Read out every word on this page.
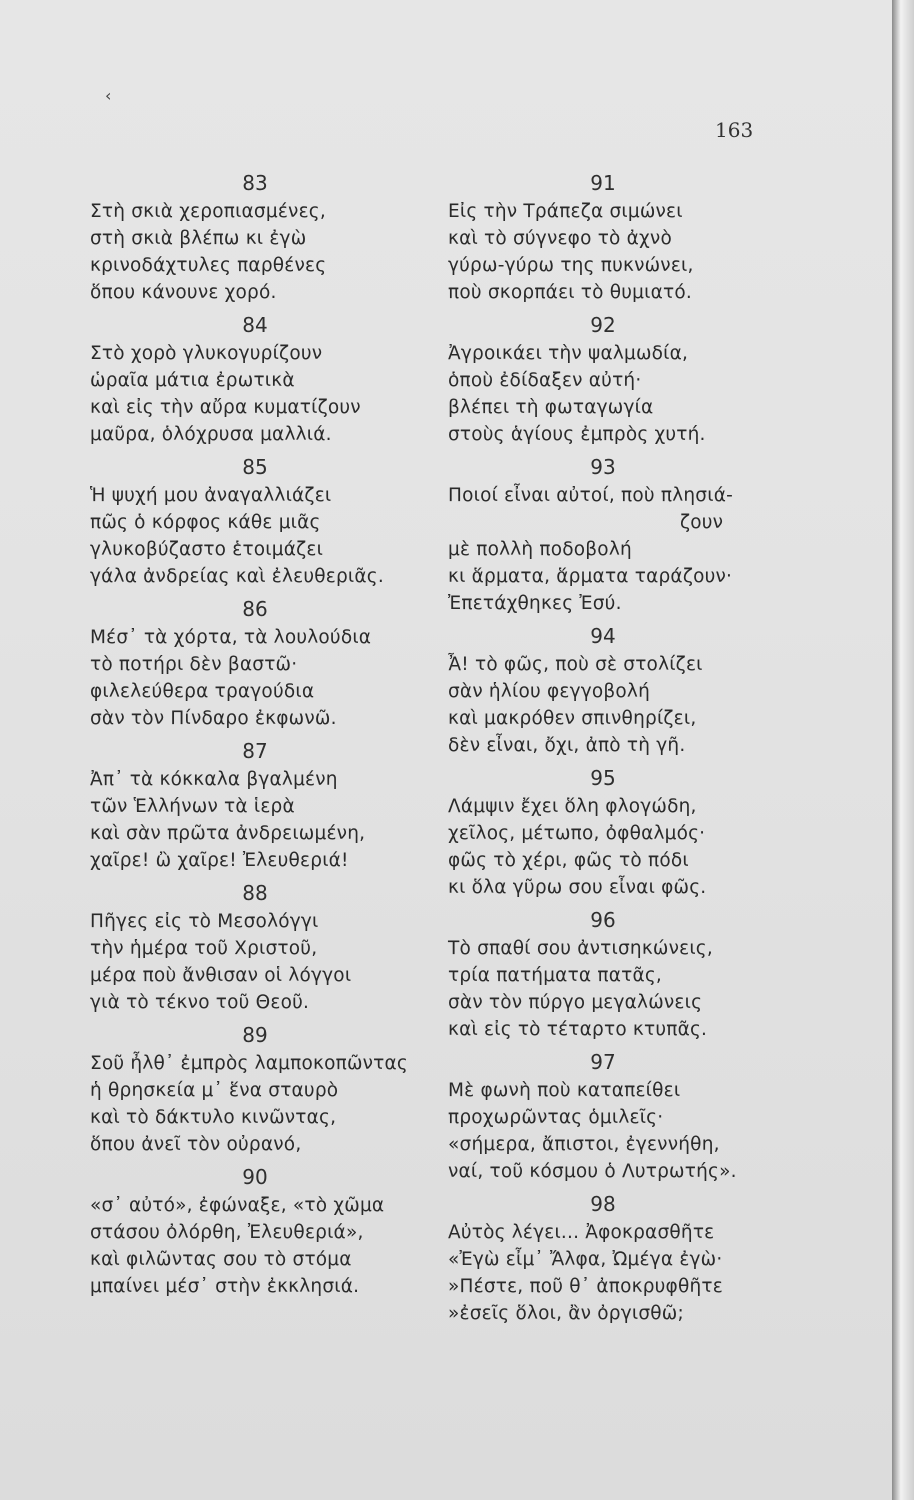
‹
163
83
Στὴ σκιὰ χεροπιασμένες,
στὴ σκιὰ βλέπω κι ἐγὼ
κρινοδάχτυλες παρθένες
ὅπου κάνουνε χορό.
84
Στὸ χορὸ γλυκογυρίζουν
ὡραῖα μάτια ἐρωτικὰ
καὶ εἰς τὴν αὔρα κυματίζουν
μαῦρα, ὁλόχρυσα μαλλιά.
85
Ἡ ψυχή μου ἀναγαλλιάζει
πῶς ὁ κόρφος κάθε μιᾶς
γλυκοβύζαστο ἑτοιμάζει
γάλα ἀνδρείας καὶ ἐλευθεριᾶς.
86
Μέσ᾿ τὰ χόρτα, τὰ λουλούδια
τὸ ποτήρι δὲν βαστῶ·
φιλελεύθερα τραγούδια
σὰν τὸν Πίνδαρο ἐκφωνῶ.
87
Ἀπ᾿ τὰ κόκκαλα βγαλμένη
τῶν Ἑλλήνων τὰ ἱερὰ
καὶ σὰν πρῶτα ἀνδρειωμένη,
χαῖρε! ὢ χαῖρε! Ἐλευθεριά!
88
Πῆγες εἰς τὸ Μεσολόγγι
τὴν ἡμέρα τοῦ Χριστοῦ,
μέρα ποὺ ἄνθισαν οἱ λόγγοι
γιὰ τὸ τέκνο τοῦ Θεοῦ.
89
Σοῦ ἦλθ᾿ ἐμπρὸς λαμποκοπῶντας
ἡ θρησκεία μ᾿ ἕνα σταυρὸ
καὶ τὸ δάκτυλο κινῶντας,
ὅπου ἀνεῖ τὸν οὐρανό,
90
«σ᾿ αὐτό», ἐφώναξε, «τὸ χῶμα
στάσου ὀλόρθη, Ἐλευθεριά»,
καὶ φιλῶντας σου τὸ στόμα
μπαίνει μέσ᾿ στὴν ἐκκλησιά.
91
Εἰς τὴν Τράπεζα σιμώνει
καὶ τὸ σύγνεφο τὸ ἀχνὸ
γύρω-γύρω της πυκνώνει,
ποὺ σκορπάει τὸ θυμιατό.
92
Ἀγροικάει τὴν ψαλμωδία,
ὁποὺ ἐδίδαξεν αὐτή·
βλέπει τὴ φωταγωγία
στοὺς ἁγίους ἐμπρὸς χυτή.
93
Ποιοί εἶναι αὐτοί, ποὺ πλησιά-
ζουν
μὲ πολλὴ ποδοβολή
κι ἅρματα, ἅρματα ταράζουν·
Ἐπετάχθηκες Ἐσύ.
94
Ἆ! τὸ φῶς, ποὺ σὲ στολίζει
σὰν ἡλίου φεγγοβολή
καὶ μακρόθεν σπινθηρίζει,
δὲν εἶναι, ὄχι, ἀπὸ τὴ γῆ.
95
Λάμψιν ἔχει ὅλη φλογώδη,
χεῖλος, μέτωπο, ὀφθαλμός·
φῶς τὸ χέρι, φῶς τὸ πόδι
κι ὅλα γῦρω σου εἶναι φῶς.
96
Τὸ σπαθί σου ἀντισηκώνεις,
τρία πατήματα πατᾶς,
σὰν τὸν πύργο μεγαλώνεις
καὶ εἰς τὸ τέταρτο κτυπᾶς.
97
Μὲ φωνὴ ποὺ καταπείθει
προχωρῶντας ὁμιλεῖς·
«σήμερα, ἄπιστοι, ἐγεννήθη,
ναί, τοῦ κόσμου ὁ Λυτρωτής».
98
Αὐτὸς λέγει... Ἀφοκρασθῆτε
«Ἐγὼ εἶμ᾿ Ἄλφα, Ὠμέγα ἐγὼ·
»Πέστε, ποῦ θ᾿ ἀποκρυφθῆτε
»ἐσεῖς ὅλοι, ἂν ὀργισθῶ;
